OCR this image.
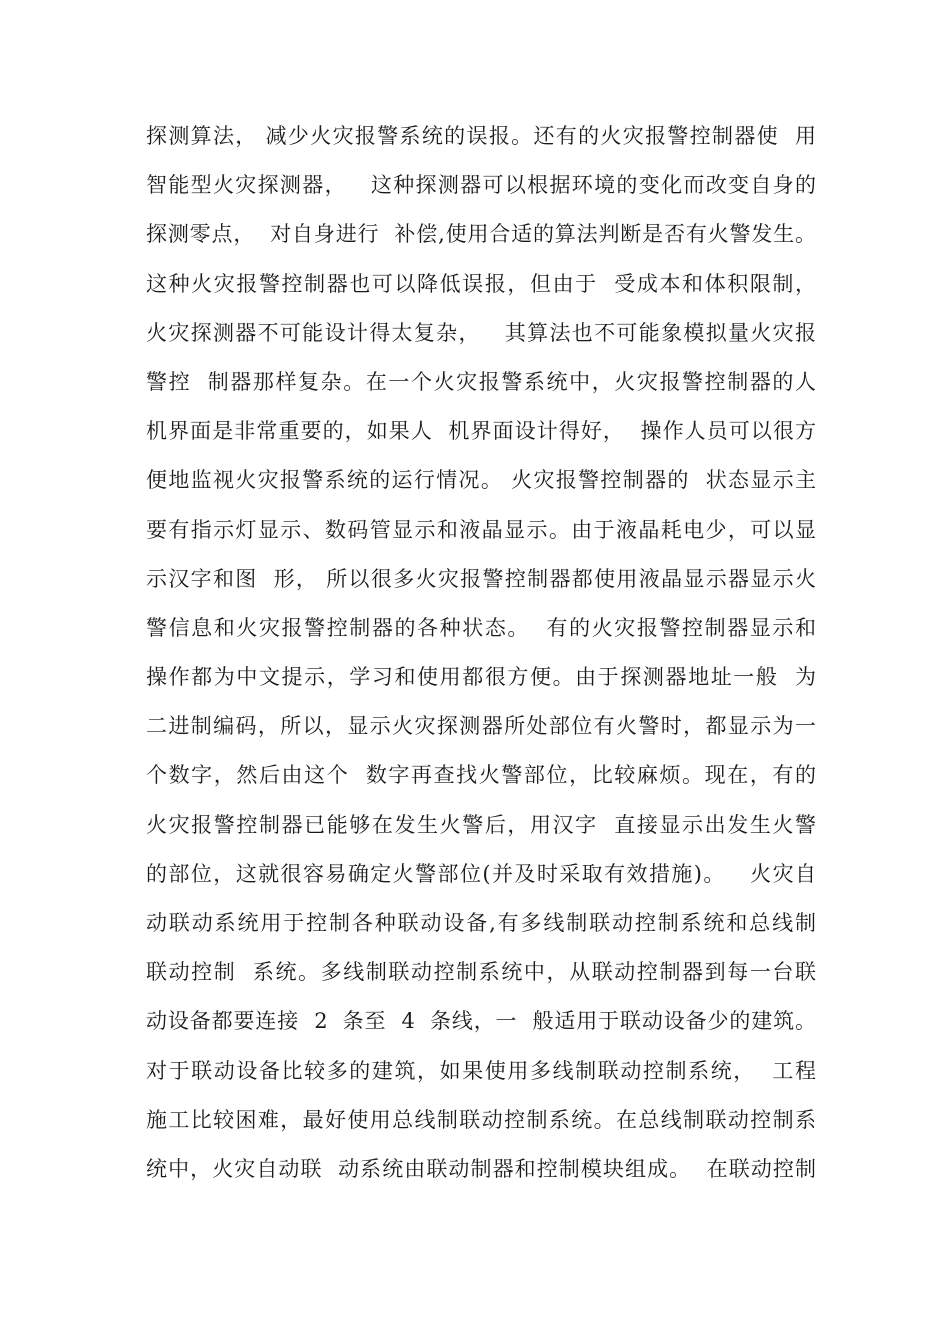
探测算法， 减少火灾报警系统的误报。还有的火灾报警控制器使  用
智能型火灾探测器，   这种探测器可以根据环境的变化而改变自身的
探测零点，  对自身进行  补偿,使用合适的算法判断是否有火警发生。
这种火灾报警控制器也可以降低误报，但由于  受成本和体积限制，
火灾探测器不可能设计得太复杂，   其算法也不可能象模拟量火灾报
警控  制器那样复杂。在一个火灾报警系统中，火灾报警控制器的人
机界面是非常重要的，如果人  机界面设计得好，  操作人员可以很方
便地监视火灾报警系统的运行情况。 火灾报警控制器的  状态显示主
要有指示灯显示、数码管显示和液晶显示。由于液晶耗电少，可以显
示汉字和图  形， 所以很多火灾报警控制器都使用液晶显示器显示火
警信息和火灾报警控制器的各种状态。  有的火灾报警控制器显示和
操作都为中文提示，学习和使用都很方便。由于探测器地址一般  为
二进制编码，所以，显示火灾探测器所处部位有火警时，都显示为一
个数字，然后由这个  数字再查找火警部位，比较麻烦。现在，有的
火灾报警控制器已能够在发生火警后，用汉字  直接显示出发生火警
的部位，这就很容易确定火警部位(并及时采取有效措施)。   火灾自
动联动系统用于控制各种联动设备,有多线制联动控制系统和总线制
联动控制  系统。多线制联动控制系统中，从联动控制器到每一台联
动设备都要连接  2  条至  4  条线，一  般适用于联动设备少的建筑。
对于联动设备比较多的建筑，如果使用多线制联动控制系统，  工程
施工比较困难，最好使用总线制联动控制系统。在总线制联动控制系
统中，火灾自动联  动系统由联动制器和控制模块组成。  在联动控制
